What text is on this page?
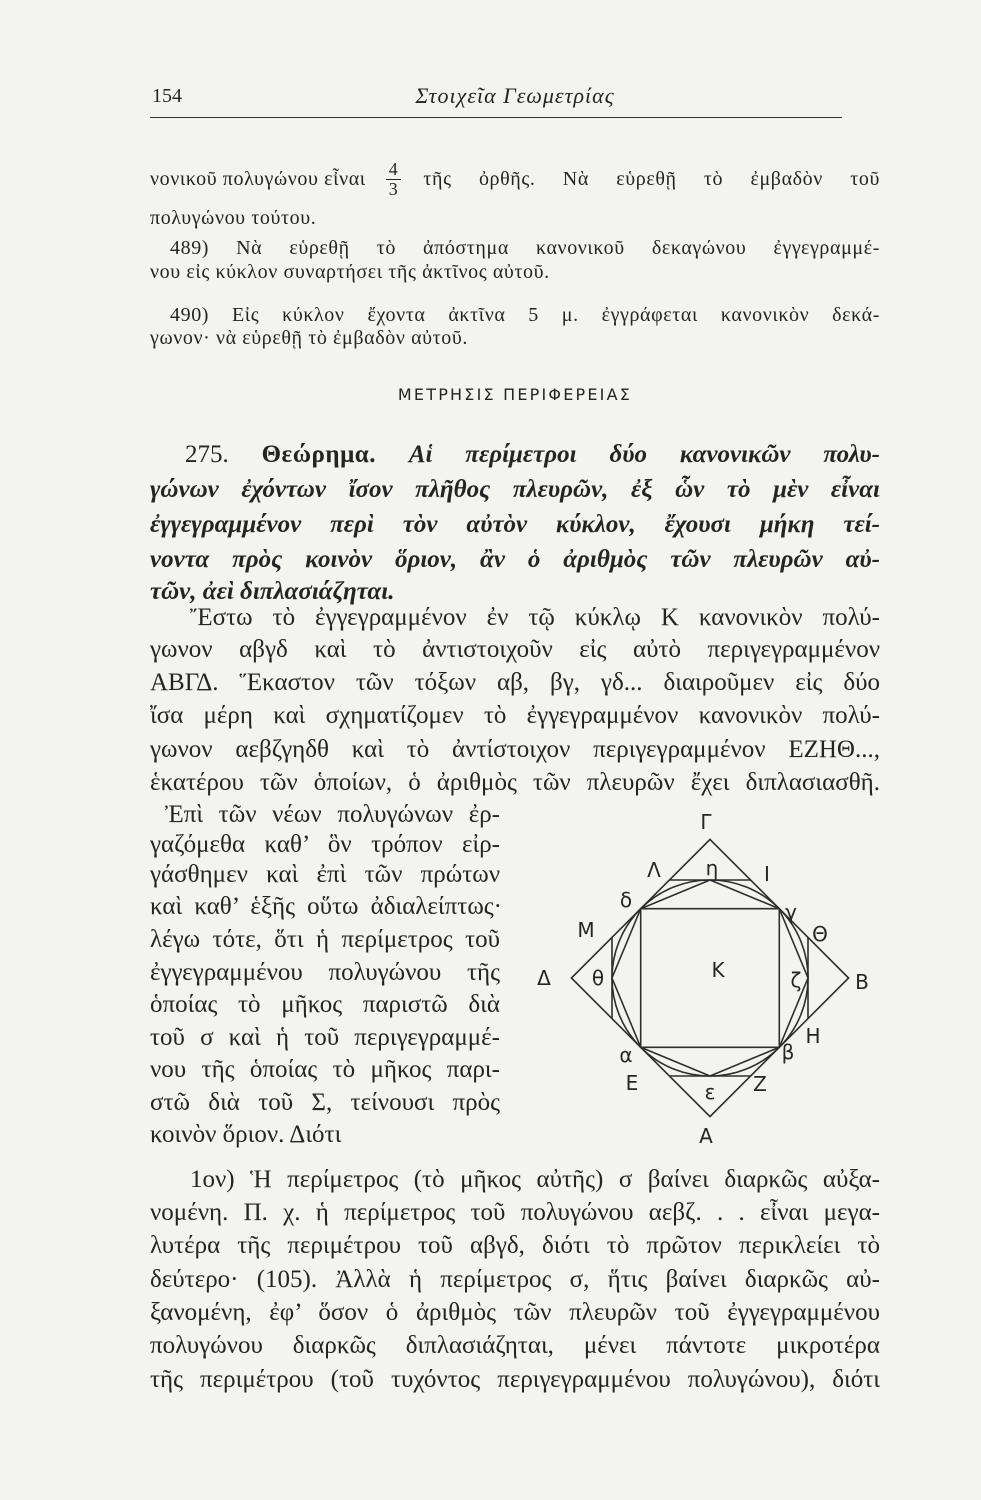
154	Στοιχεῖα Γεωμετρίας
νονικοῦ πολυγώνου εἶναι $\frac{4}{3}$ τῆς ὀρθῆς. Νὰ εὑρεθῇ τὸ ἐμβαδὸν τοῦ
πολυγώνου τούτου.
489) Νὰ εὑρεθῇ τὸ ἀπόστημα κανονικοῦ δεκαγώνου ἐγγεγραμμέ-
νου εἰς κύκλον συναρτήσει τῆς ἀκτῖνος αὐτοῦ.
490) Εἰς κύκλον ἔχοντα ἀκτῖνα 5 μ. ἐγγράφεται κανονικὸν δεκά-
γωνον· νὰ εὑρεθῇ τὸ ἐμβαδὸν αὐτοῦ.
ΜΕΤΡΗΣΙΣ ΠΕΡΙΦΕΡΕΙΑΣ
275. Θεώρημα. Αἱ περίμετροι δύο κανονικῶν πολυ-
γώνων ἐχόντων ἴσον πλῆθος πλευρῶν, ἐξ ὧν τὸ μὲν εἶναι
ἐγγεγραμμένον περὶ τὸν αὐτὸν κύκλον, ἔχουσι μήκη τεί-
νοντα πρὸς κοινὸν ὅριον, ἂν ὁ ἀριθμὸς τῶν πλευρῶν αὐ-
τῶν, ἀεὶ διπλασιάζηται.
Ἔστω τὸ ἐγγεγραμμένον ἐν τῷ κύκλῳ Κ κανονικὸν πολύ-
γωνον αβγδ καὶ τὸ ἀντιστοιχοῦν εἰς αὐτὸ περιγεγραμμένον
ΑΒΓΔ. Ἕκαστον τῶν τόξων αβ, βγ, γδ... διαιροῦμεν εἰς δύο
ἴσα μέρη καὶ σχηματίζομεν τὸ ἐγγεγραμμένον κανονικὸν πολύ-
γωνον αεβζγηδθ καὶ τὸ ἀντίστοιχον περιγεγραμμένον ΕΖΗΘ...,
ἑκατέρου τῶν ὁποίων, ὁ ἀριθμὸς τῶν πλευρῶν ἔχει διπλασιασθῆ.
Ἐπὶ τῶν νέων πολυγώνων ἐρ-
γαζόμεθα καθ’ ὃν τρόπον εἰρ-
γάσθημεν καὶ ἐπὶ τῶν πρώτων
καὶ καθ’ ἑξῆς οὕτω ἀδιαλείπτως·
λέγω τότε, ὅτι ἡ περίμετρος τοῦ
ἐγγεγραμμένου πολυγώνου τῆς
ὁποίας τὸ μῆκος παριστῶ διὰ
τοῦ σ καὶ ἡ τοῦ περιγεγραμμέ-
νου τῆς ὁποίας τὸ μῆκος παρι-
στῶ διὰ τοῦ Σ, τείνουσι πρὸς
κοινὸν ὅριον. Διότι
1ον) Ἡ περίμετρος (τὸ μῆκος αὐτῆς) σ βαίνει διαρκῶς αὐξα-
νομένη. Π. χ. ἡ περίμετρος τοῦ πολυγώνου αεβζ. . . εἶναι μεγα-
λυτέρα τῆς περιμέτρου τοῦ αβγδ, διότι τὸ πρῶτον περικλείει τὸ
δεύτερο· (105). Ἀλλὰ ἡ περίμετρος σ, ἥτις βαίνει διαρκῶς αὐ-
ξανομένη, ἐφ’ ὅσον ὁ ἀριθμὸς τῶν πλευρῶν τοῦ ἐγγεγραμμένου
πολυγώνου διαρκῶς διπλασιάζηται, μένει πάντοτε μικροτέρα
τῆς περιμέτρου (τοῦ τυχόντος περιγεγραμμένου πολυγώνου), διότι
Γ
Λ η Ι
δ	γ
Μ	Θ
Δ θ	Κ	ζ	Β
Η
β
α
Ε	ε Ζ
Α
